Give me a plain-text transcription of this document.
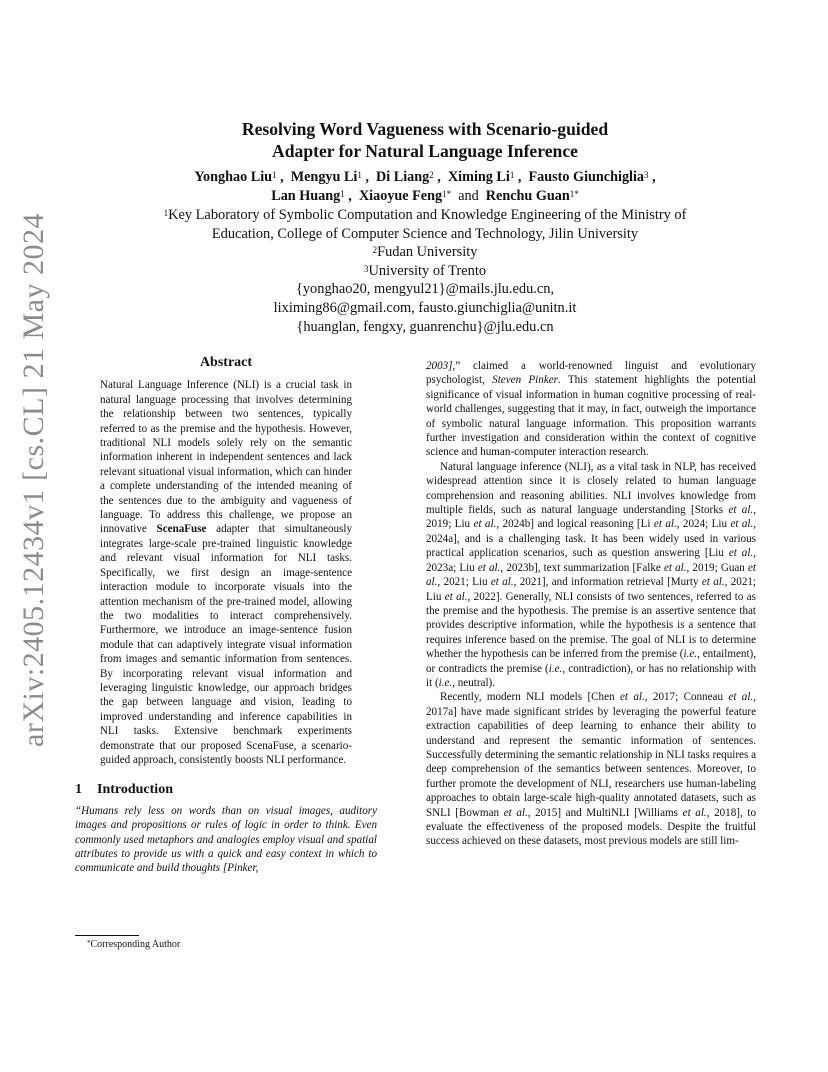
arXiv:2405.12434v1 [cs.CL] 21 May 2024
Resolving Word Vagueness with Scenario-guided
Adapter for Natural Language Inference
Yonghao Liu$^1$ ,  Mengyu Li$^1$ ,  Di Liang$^2$ ,  Ximing Li$^1$ ,  Fausto Giunchiglia$^3$ ,
Lan Huang$^1$ ,  Xiaoyue Feng$^{1*}$ and Renchu Guan$^{1*}$
$^1$Key Laboratory of Symbolic Computation and Knowledge Engineering of the Ministry of
Education, College of Computer Science and Technology, Jilin University
$^2$Fudan University
$^3$University of Trento
{yonghao20, mengyul21}@mails.jlu.edu.cn,
liximing86@gmail.com, fausto.giunchiglia@unitn.it
{huanglan, fengxy, guanrenchu}@jlu.edu.cn
Abstract

Natural Language Inference (NLI) is a crucial task in natural language processing that involves determining the relationship between two sentences, typically referred to as the premise and the hypothesis. However, traditional NLI models solely rely on the semantic information inherent in independent sentences and lack relevant situational visual information, which can hinder a complete understanding of the intended meaning of the sentences due to the ambiguity and vagueness of language. To address this challenge, we propose an innovative ScenaFuse adapter that simultaneously integrates large-scale pre-trained linguistic knowledge and relevant visual information for NLI tasks. Specifically, we first design an image-sentence interaction module to incorporate visuals into the attention mechanism of the pre-trained model, allowing the two modalities to interact comprehensively. Furthermore, we introduce an image-sentence fusion module that can adaptively integrate visual information from images and semantic information from sentences. By incorporating relevant visual information and leveraging linguistic knowledge, our approach bridges the gap between language and vision, leading to improved understanding and inference capabilities in NLI tasks. Extensive benchmark experiments demonstrate that our proposed ScenaFuse, a scenario-guided approach, consistently boosts NLI performance.

1 Introduction

“Humans rely less on words than on visual images, auditory images and propositions or rules of logic in order to think. Even commonly used metaphors and analogies employ visual and spatial attributes to provide us with a quick and easy context in which to communicate and build thoughts [Pinker,

2003],” claimed a world-renowned linguist and evolutionary psychologist, Steven Pinker. This statement highlights the potential significance of visual information in human cognitive processing of real-world challenges, suggesting that it may, in fact, outweigh the importance of symbolic natural language information. This proposition warrants further investigation and consideration within the context of cognitive science and human-computer interaction research.

Natural language inference (NLI), as a vital task in NLP, has received widespread attention since it is closely related to human language comprehension and reasoning abilities. NLI involves knowledge from multiple fields, such as natural language understanding [Storks et al., 2019; Liu et al., 2024b] and logical reasoning [Li et al., 2024; Liu et al., 2024a], and is a challenging task. It has been widely used in various practical application scenarios, such as question answering [Liu et al., 2023a; Liu et al., 2023b], text summarization [Falke et al., 2019; Guan et al., 2021; Liu et al., 2021], and information retrieval [Murty et al., 2021; Liu et al., 2022]. Generally, NLI consists of two sentences, referred to as the premise and the hypothesis. The premise is an assertive sentence that provides descriptive information, while the hypothesis is a sentence that requires inference based on the premise. The goal of NLI is to determine whether the hypothesis can be inferred from the premise (i.e., entailment), or contradicts the premise (i.e., contradiction), or has no relationship with it (i.e., neutral).

Recently, modern NLI models [Chen et al., 2017; Conneau et al., 2017a] have made significant strides by leveraging the powerful feature extraction capabilities of deep learning to enhance their ability to understand and represent the semantic information of sentences. Successfully determining the semantic relationship in NLI tasks requires a deep comprehension of the semantics between sentences. Moreover, to further promote the development of NLI, researchers use human-labeling approaches to obtain large-scale high-quality annotated datasets, such as SNLI [Bowman et al., 2015] and MultiNLI [Williams et al., 2018], to evaluate the effectiveness of the proposed models. Despite the fruitful success achieved on these datasets, most previous models are still lim-

*Corresponding Author
